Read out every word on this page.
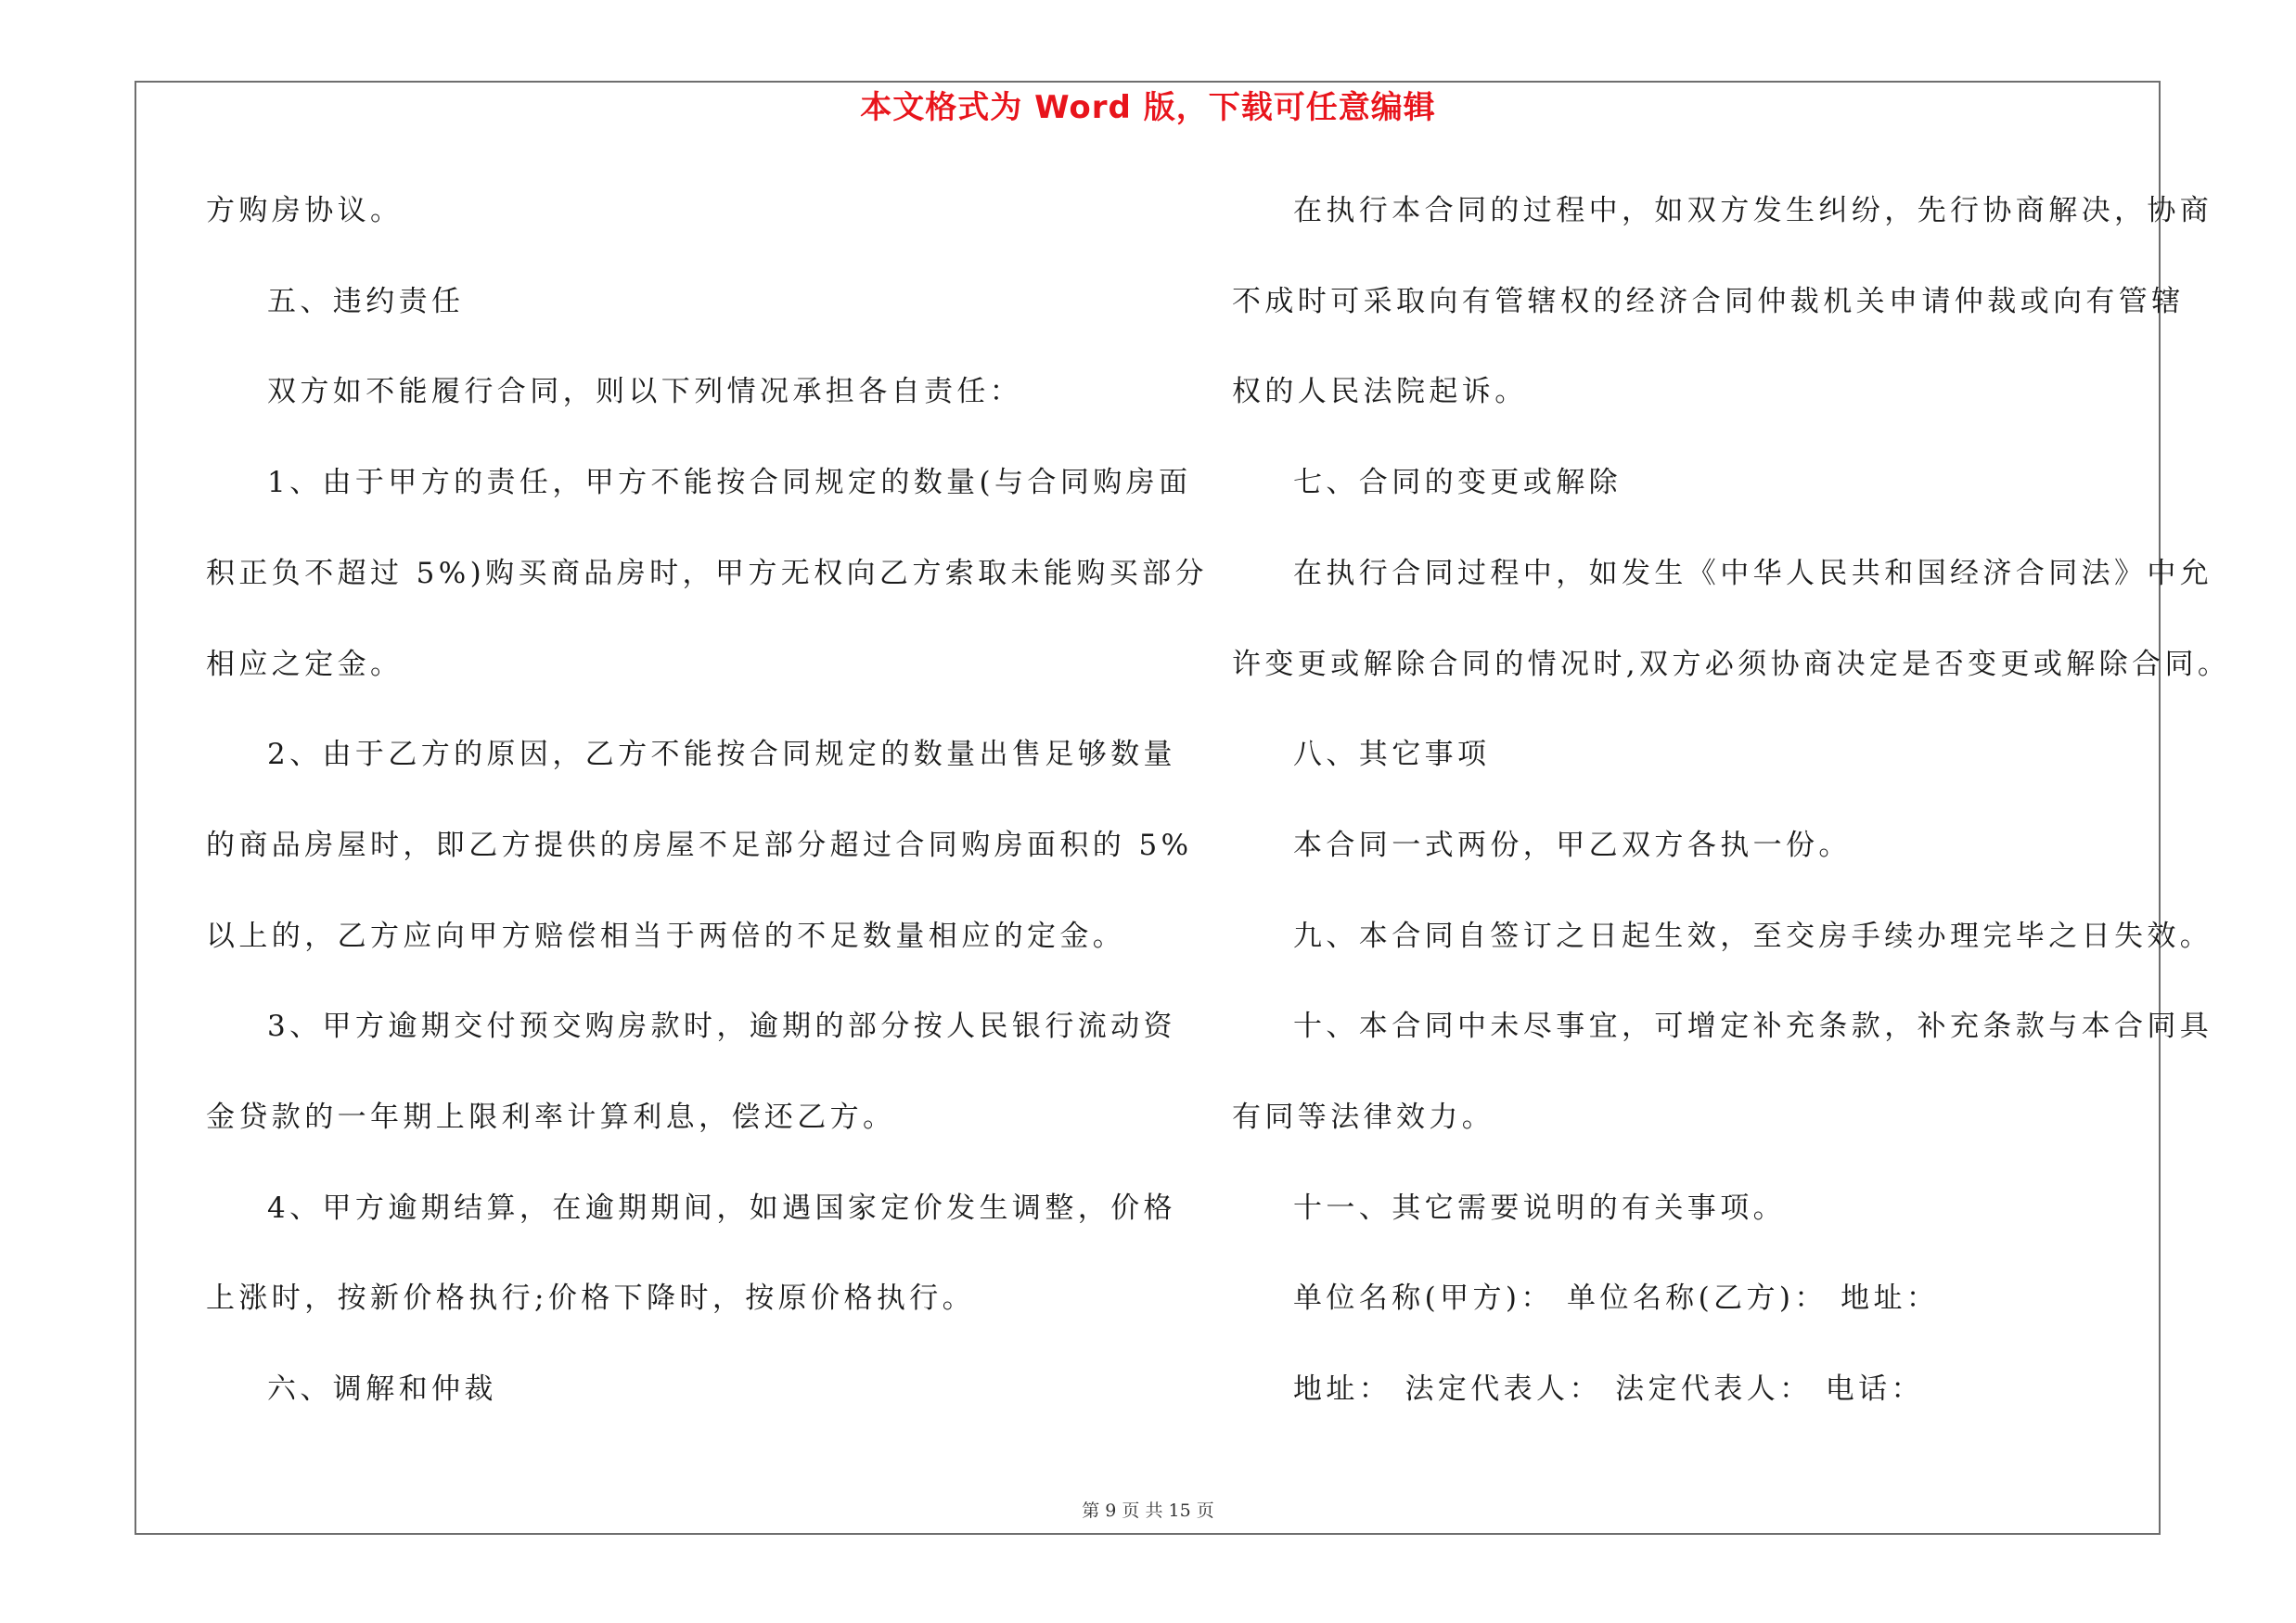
本文格式为 Word 版，下载可任意编辑
方购房协议。
五、违约责任
双方如不能履行合同，则以下列情况承担各自责任：
1、由于甲方的责任，甲方不能按合同规定的数量(与合同购房面
积正负不超过 5%)购买商品房时，甲方无权向乙方索取未能购买部分
相应之定金。
2、由于乙方的原因，乙方不能按合同规定的数量出售足够数量
的商品房屋时，即乙方提供的房屋不足部分超过合同购房面积的 5%
以上的，乙方应向甲方赔偿相当于两倍的不足数量相应的定金。
3、甲方逾期交付预交购房款时，逾期的部分按人民银行流动资
金贷款的一年期上限利率计算利息，偿还乙方。
4、甲方逾期结算，在逾期期间，如遇国家定价发生调整，价格
上涨时，按新价格执行;价格下降时，按原价格执行。
六、调解和仲裁
在执行本合同的过程中，如双方发生纠纷，先行协商解决，协商
不成时可采取向有管辖权的经济合同仲裁机关申请仲裁或向有管辖
权的人民法院起诉。
七、合同的变更或解除
在执行合同过程中，如发生《中华人民共和国经济合同法》中允
许变更或解除合同的情况时,双方必须协商决定是否变更或解除合同。
八、其它事项
本合同一式两份，甲乙双方各执一份。
九、本合同自签订之日起生效，至交房手续办理完毕之日失效。
十、本合同中未尽事宜，可增定补充条款，补充条款与本合同具
有同等法律效力。
十一、其它需要说明的有关事项。
单位名称(甲方)： 单位名称(乙方)： 地址：
地址： 法定代表人： 法定代表人： 电话：
第 9 页 共 15 页
